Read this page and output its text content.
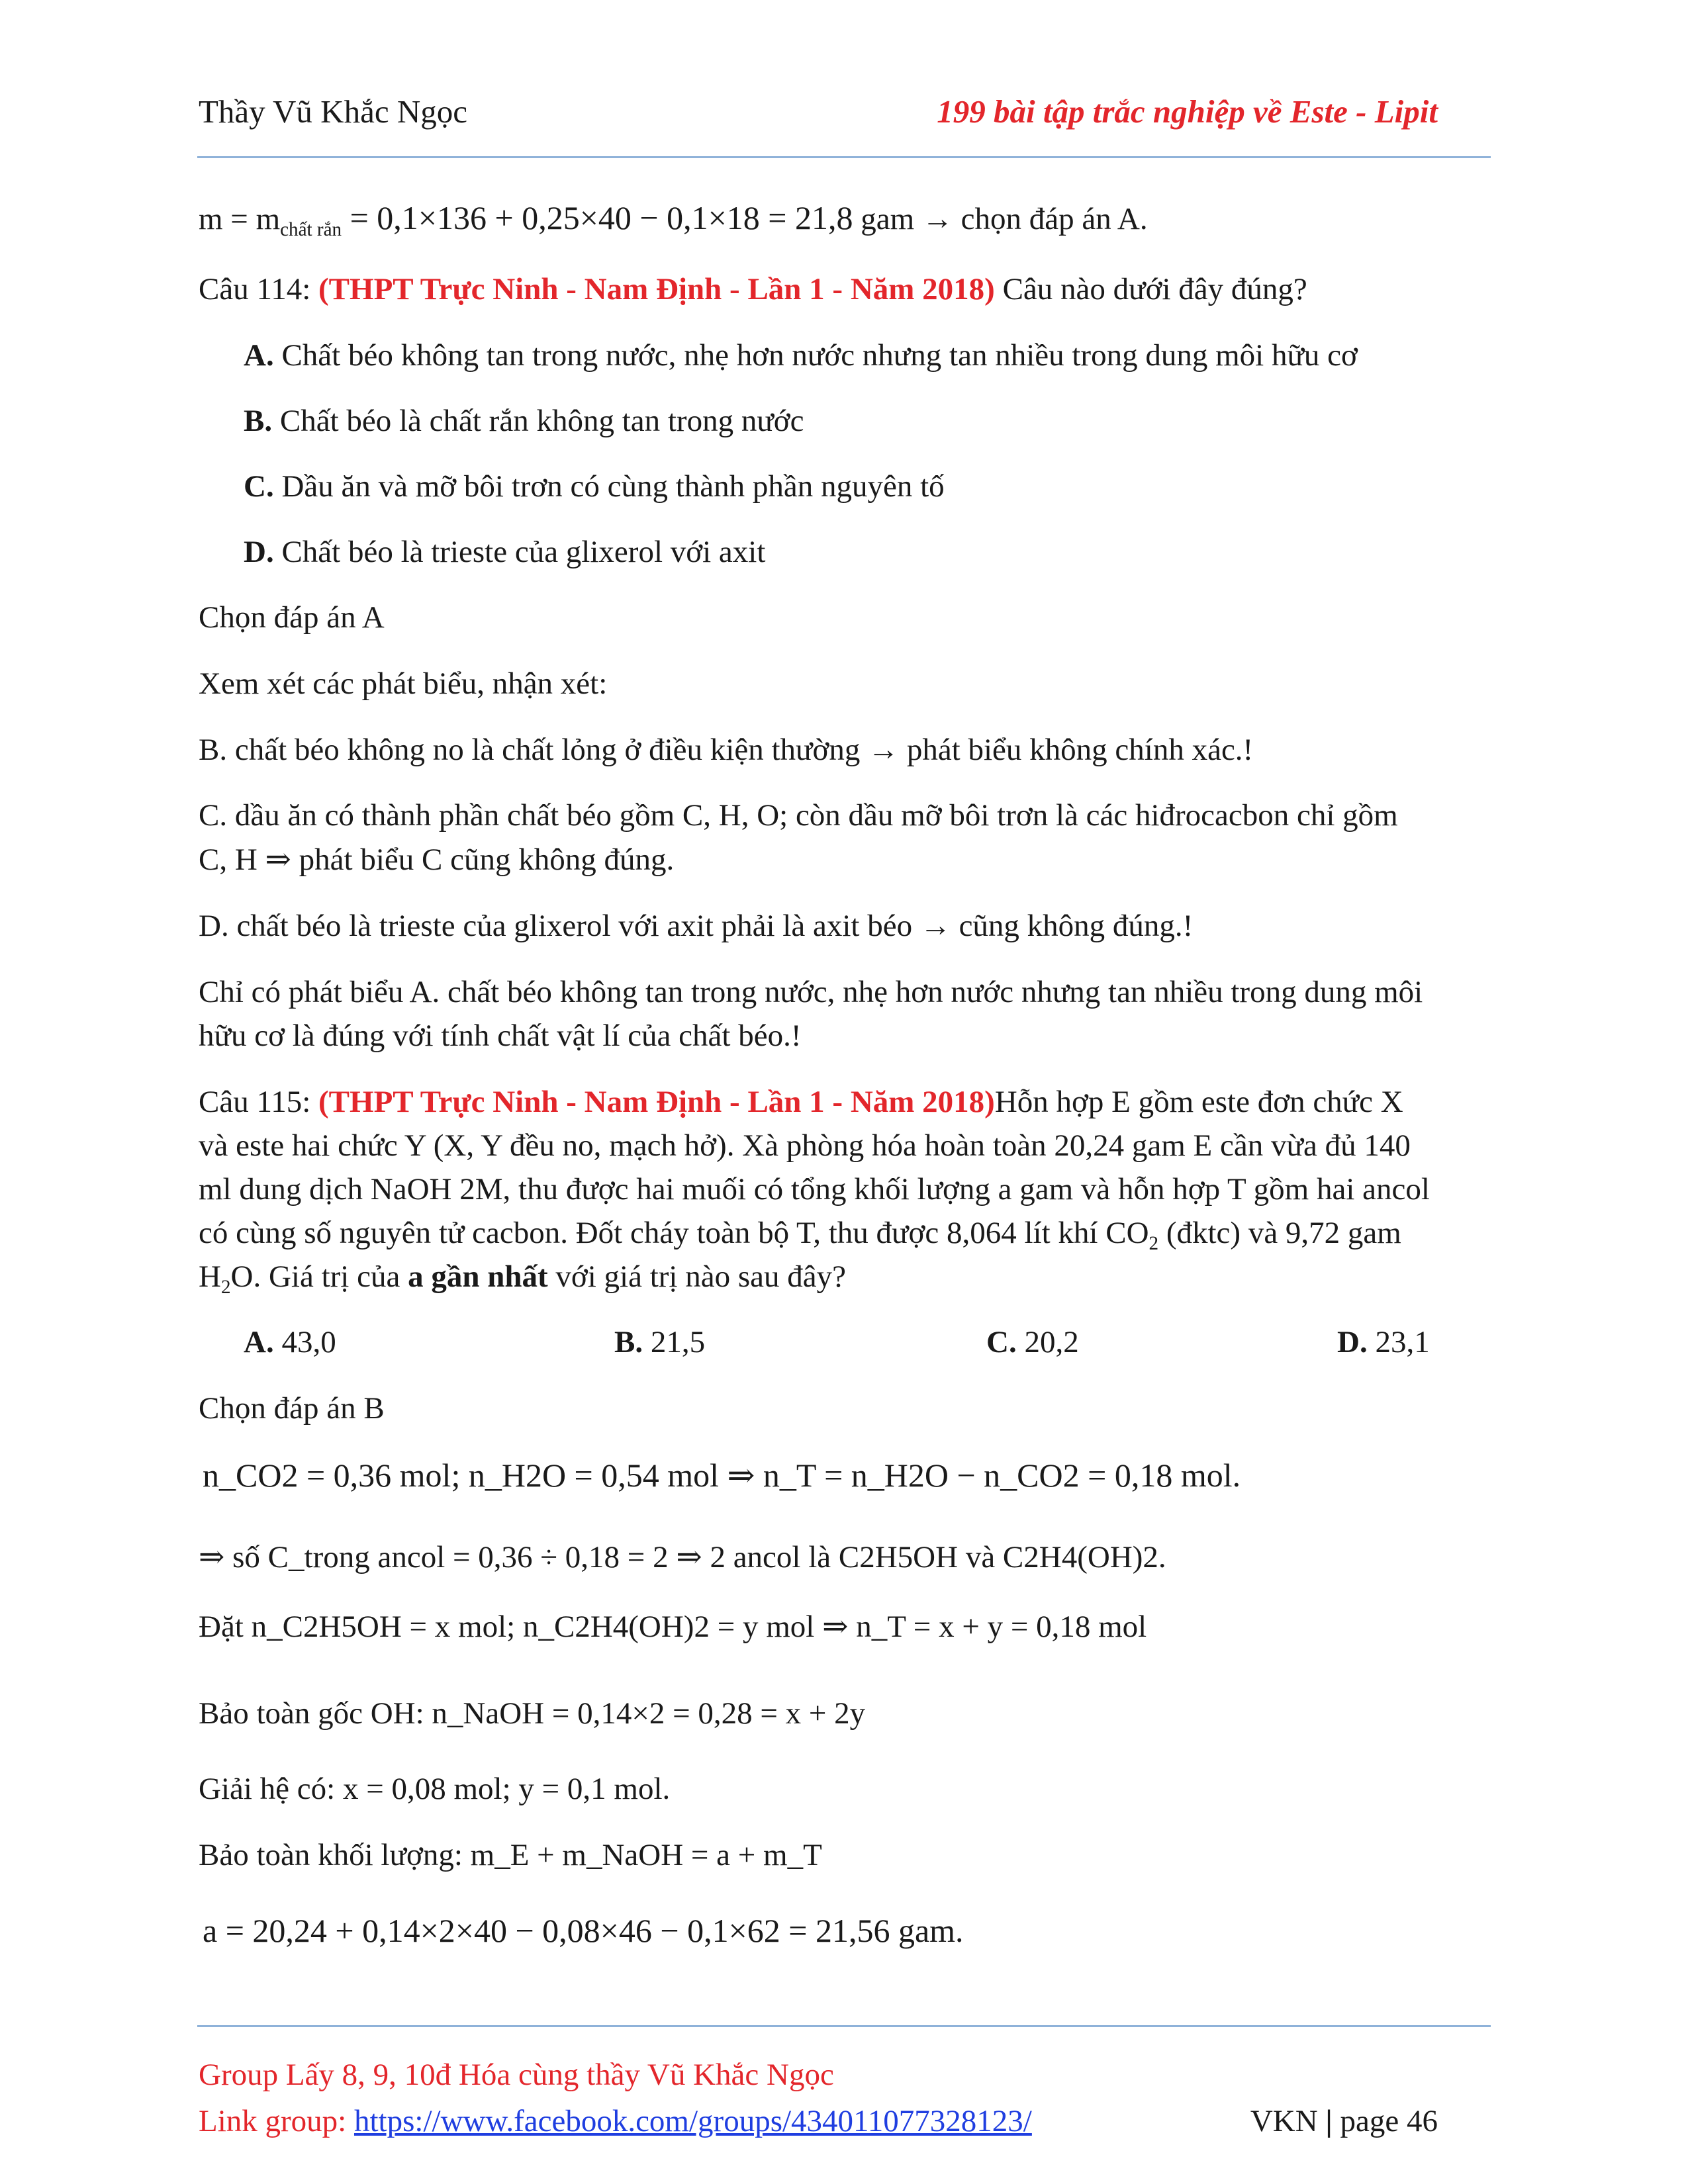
Thầy Vũ Khắc Ngọc	199 bài tập trắc nghiệp về Este - Lipit
$m = m_{chất rắn} = 0,1\times 136 + 0,25\times 40 - 0,1\times 18 = 21,8$ gam → chọn đáp án A.
Câu 114: (THPT Trực Ninh - Nam Định - Lần 1 - Năm 2018) Câu nào dưới đây đúng?
A. Chất béo không tan trong nước, nhẹ hơn nước nhưng tan nhiều trong dung môi hữu cơ
B. Chất béo là chất rắn không tan trong nước
C. Dầu ăn và mỡ bôi trơn có cùng thành phần nguyên tố
D. Chất béo là trieste của glixerol với axit
Chọn đáp án A
Xem xét các phát biểu, nhận xét:
B. chất béo không no là chất lỏng ở điều kiện thường → phát biểu không chính xác.!
C. dầu ăn có thành phần chất béo gồm C, H, O; còn dầu mỡ bôi trơn là các hiđrocacbon chỉ gồm
C, H ⇒ phát biểu C cũng không đúng.
D. chất béo là trieste của glixerol với axit phải là axit béo → cũng không đúng.!
Chỉ có phát biểu A. chất béo không tan trong nước, nhẹ hơn nước nhưng tan nhiều trong dung môi
hữu cơ là đúng với tính chất vật lí của chất béo.!
Câu 115: (THPT Trực Ninh - Nam Định - Lần 1 - Năm 2018)Hỗn hợp E gồm este đơn chức X
và este hai chức Y (X, Y đều no, mạch hở). Xà phòng hóa hoàn toàn 20,24 gam E cần vừa đủ 140
ml dung dịch NaOH 2M, thu được hai muối có tổng khối lượng a gam và hỗn hợp T gồm hai ancol
có cùng số nguyên tử cacbon. Đốt cháy toàn bộ T, thu được 8,064 lít khí $CO_2$ (đktc) và 9,72 gam
$H_2O$. Giá trị của a gần nhất với giá trị nào sau đây?
A. 43,0	B. 21,5	C. 20,2	D. 23,1
Chọn đáp án B
n_CO2 = 0,36 mol; n_H2O = 0,54 mol ⇒ n_T = n_H2O − n_CO2 = 0,18 mol.
⇒ số C_trong ancol = 0,36 ÷ 0,18 = 2 ⇒ 2 ancol là C2H5OH và C2H4(OH)2.
Đặt n_C2H5OH = x mol; n_C2H4(OH)2 = y mol ⇒ n_T = x + y = 0,18 mol
Bảo toàn gốc OH: n_NaOH = 0,14×2 = 0,28 = x + 2y
Giải hệ có: x = 0,08 mol; y = 0,1 mol.
Bảo toàn khối lượng: m_E + m_NaOH = a + m_T
a = 20,24 + 0,14×2×40 − 0,08×46 − 0,1×62 = 21,56 gam.
Group Lấy 8, 9, 10đ Hóa cùng thầy Vũ Khắc Ngọc
Link group: https://www.facebook.com/groups/434011077328123/	VKN | page 46
